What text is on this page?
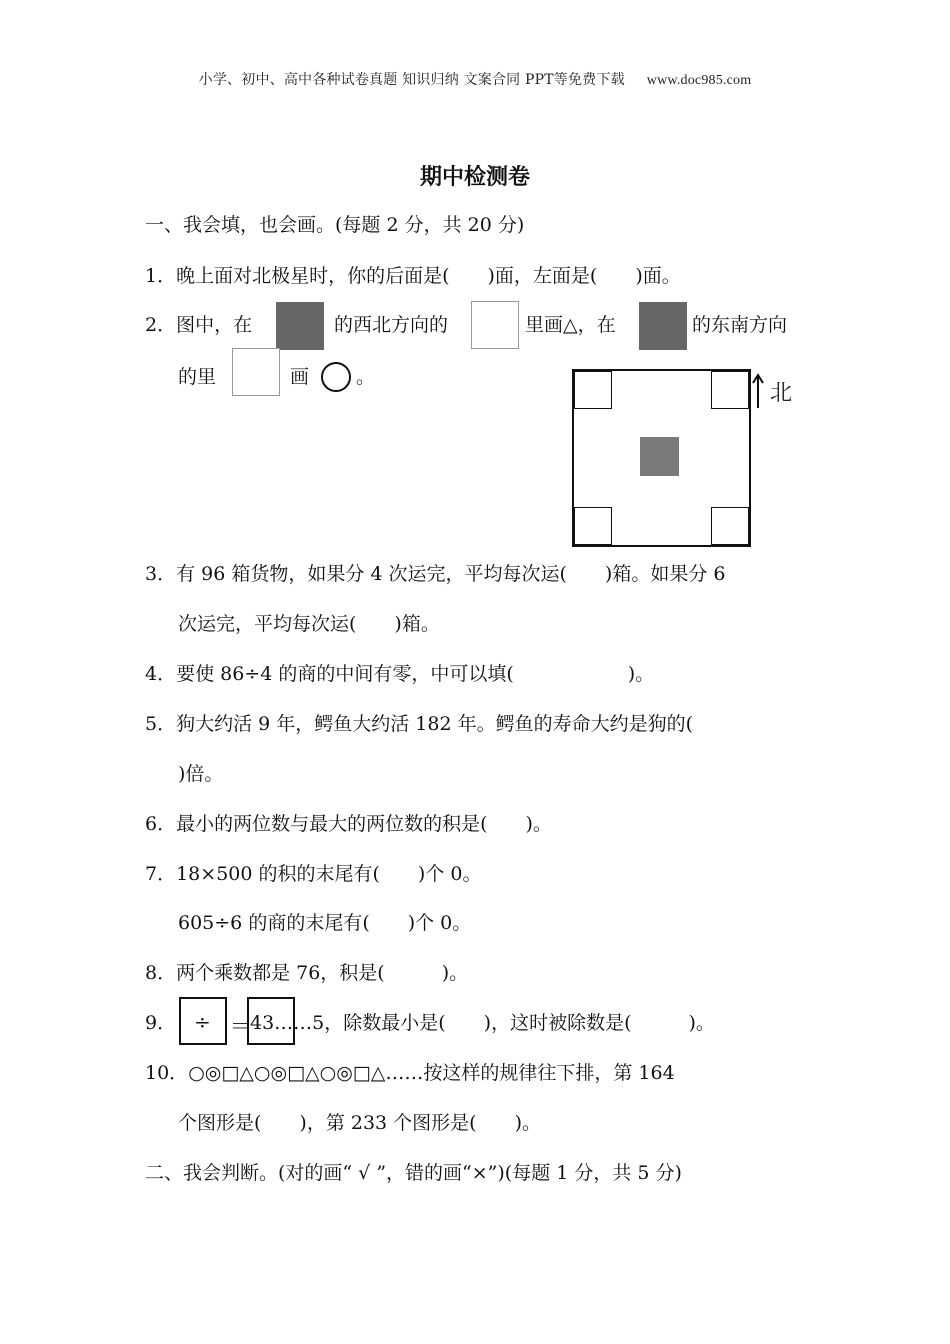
小学、初中、高中各种试卷真题 知识归纳 文案合同 PPT等免费下载 www.doc985.com
期中检测卷
一、我会填，也会画。(每题 2 分，共 20 分)
1．晚上面对北极星时，你的后面是(　　)面，左面是(　　)面。
2．图中，在	的西北方向的	里画△，在	的东南方向
的里	画 。
北
3．有 96 箱货物，如果分 4 次运完，平均每次运(　　)箱。如果分 6
次运完，平均每次运(　　)箱。
4．要使 86÷4 的商的中间有零，中可以填(　　　　　　)。
5．狗大约活 9 年，鳄鱼大约活 182 年。鳄鱼的寿命大约是狗的(
)倍。
6．最小的两位数与最大的两位数的积是(　　)。
7．18×500 的积的末尾有(　　)个 0。
605÷6 的商的末尾有(　　)个 0。
8．两个乘数都是 76，积是(　　　)。
9． ÷ ＝ 43……5，除数最小是(　　)，这时被除数是(　　　)。
10．○◎□△○◎□△○◎□△……按这样的规律往下排，第 164
个图形是(　　)，第 233 个图形是(　　)。
二、我会判断。(对的画“ √ ”，错的画“×”)(每题 1 分，共 5 分)
